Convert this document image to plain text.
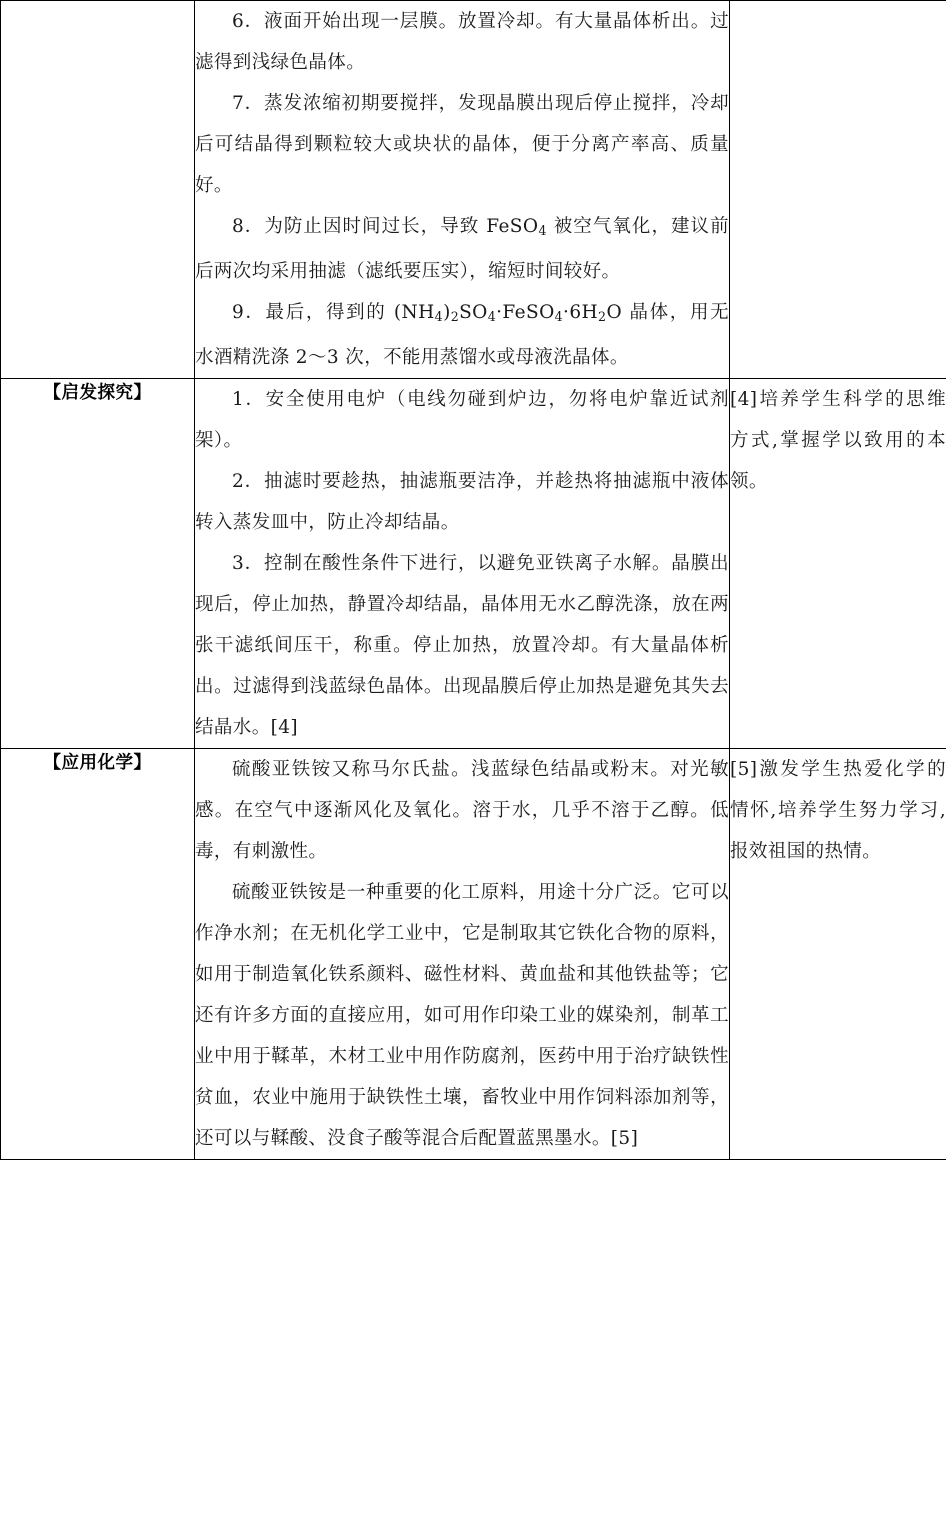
	6．液面开始出现一层膜。放置冷却。有大量晶体析出。过滤得到浅绿色晶体。

7．蒸发浓缩初期要搅拌，发现晶膜出现后停止搅拌，冷却后可结晶得到颗粒较大或块状的晶体，便于分离产率高、质量好。

8．为防止因时间过长，导致 FeSO$_4$ 被空气氧化，建议前后两次均采用抽滤（滤纸要压实），缩短时间较好。

9．最后，得到的 $(NH_4)_2SO_4\cdot FeSO_4\cdot 6H_2O$ 晶体，用无水酒精洗涤 2～3 次，不能用蒸馏水或母液洗晶体。	

【启发探究】	1．安全使用电炉（电线勿碰到炉边，勿将电炉靠近试剂架）。

2．抽滤时要趁热，抽滤瓶要洁净，并趁热将抽滤瓶中液体转入蒸发皿中，防止冷却结晶。

3．控制在酸性条件下进行，以避免亚铁离子水解。晶膜出现后，停止加热，静置冷却结晶，晶体用无水乙醇洗涤，放在两张干滤纸间压干，称重。停止加热，放置冷却。有大量晶体析出。过滤得到浅蓝绿色晶体。出现晶膜后停止加热是避免其失去结晶水。[4]	[4]培养学生科学的思维方式,掌握学以致用的本领。

【应用化学】	硫酸亚铁铵又称马尔氏盐。浅蓝绿色结晶或粉末。对光敏感。在空气中逐渐风化及氧化。溶于水，几乎不溶于乙醇。低毒，有刺激性。

硫酸亚铁铵是一种重要的化工原料，用途十分广泛。它可以作净水剂；在无机化学工业中，它是制取其它铁化合物的原料，如用于制造氧化铁系颜料、磁性材料、黄血盐和其他铁盐等；它还有许多方面的直接应用，如可用作印染工业的媒染剂，制革工业中用于鞣革，木材工业中用作防腐剂，医药中用于治疗缺铁性贫血，农业中施用于缺铁性土壤，畜牧业中用作饲料添加剂等，还可以与鞣酸、没食子酸等混合后配置蓝黑墨水。[5]	[5]激发学生热爱化学的情怀,培养学生努力学习,报效祖国的热情。
